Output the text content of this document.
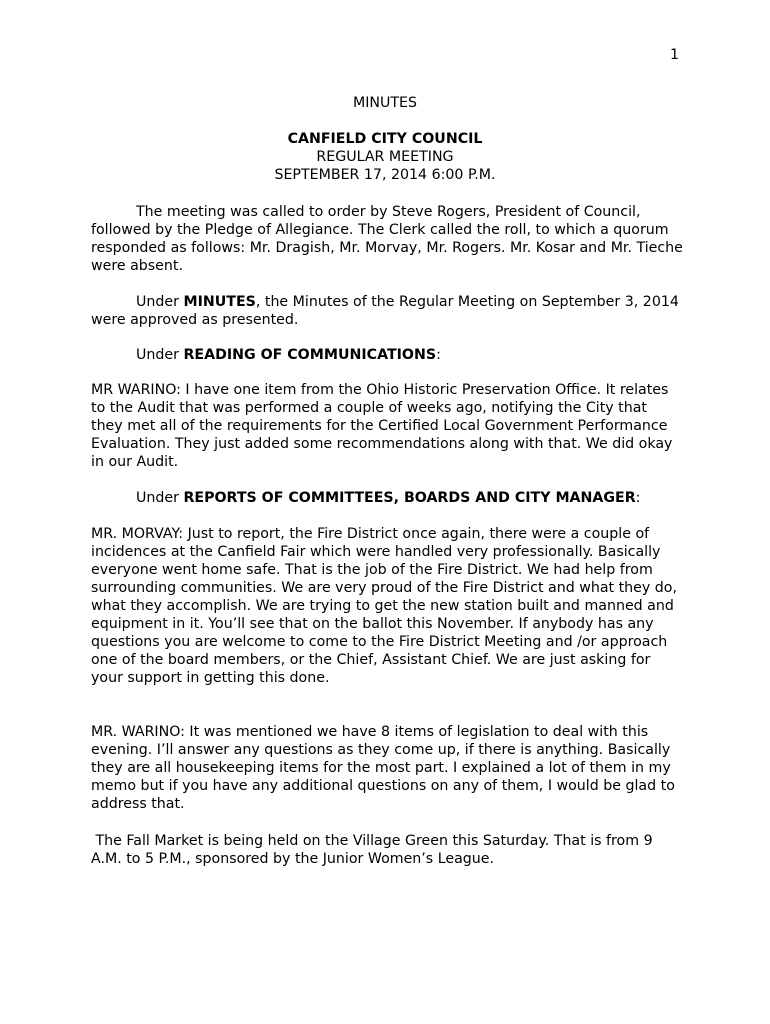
1
MINUTES
CANFIELD CITY COUNCIL
REGULAR MEETING
SEPTEMBER 17, 2014 6:00 P.M.

The meeting was called to order by Steve Rogers, President of Council, followed by the Pledge of Allegiance. The Clerk called the roll, to which a quorum responded as follows: Mr. Dragish, Mr. Morvay, Mr. Rogers. Mr. Kosar and Mr. Tieche were absent.

Under MINUTES, the Minutes of the Regular Meeting on September 3, 2014 were approved as presented.

Under READING OF COMMUNICATIONS:

MR WARINO: I have one item from the Ohio Historic Preservation Office. It relates to the Audit that was performed a couple of weeks ago, notifying the City that they met all of the requirements for the Certified Local Government Performance Evaluation. They just added some recommendations along with that. We did okay in our Audit.

Under REPORTS OF COMMITTEES, BOARDS AND CITY MANAGER:

MR. MORVAY: Just to report, the Fire District once again, there were a couple of incidences at the Canfield Fair which were handled very professionally. Basically everyone went home safe. That is the job of the Fire District. We had help from surrounding communities. We are very proud of the Fire District and what they do, what they accomplish. We are trying to get the new station built and manned and equipment in it. You’ll see that on the ballot this November. If anybody has any questions you are welcome to come to the Fire District Meeting and /or approach one of the board members, or the Chief, Assistant Chief. We are just asking for your support in getting this done.

MR. WARINO: It was mentioned we have 8 items of legislation to deal with this evening. I’ll answer any questions as they come up, if there is anything. Basically they are all housekeeping items for the most part. I explained a lot of them in my memo but if you have any additional questions on any of them, I would be glad to address that.

The Fall Market is being held on the Village Green this Saturday. That is from 9 A.M. to 5 P.M., sponsored by the Junior Women’s League.
